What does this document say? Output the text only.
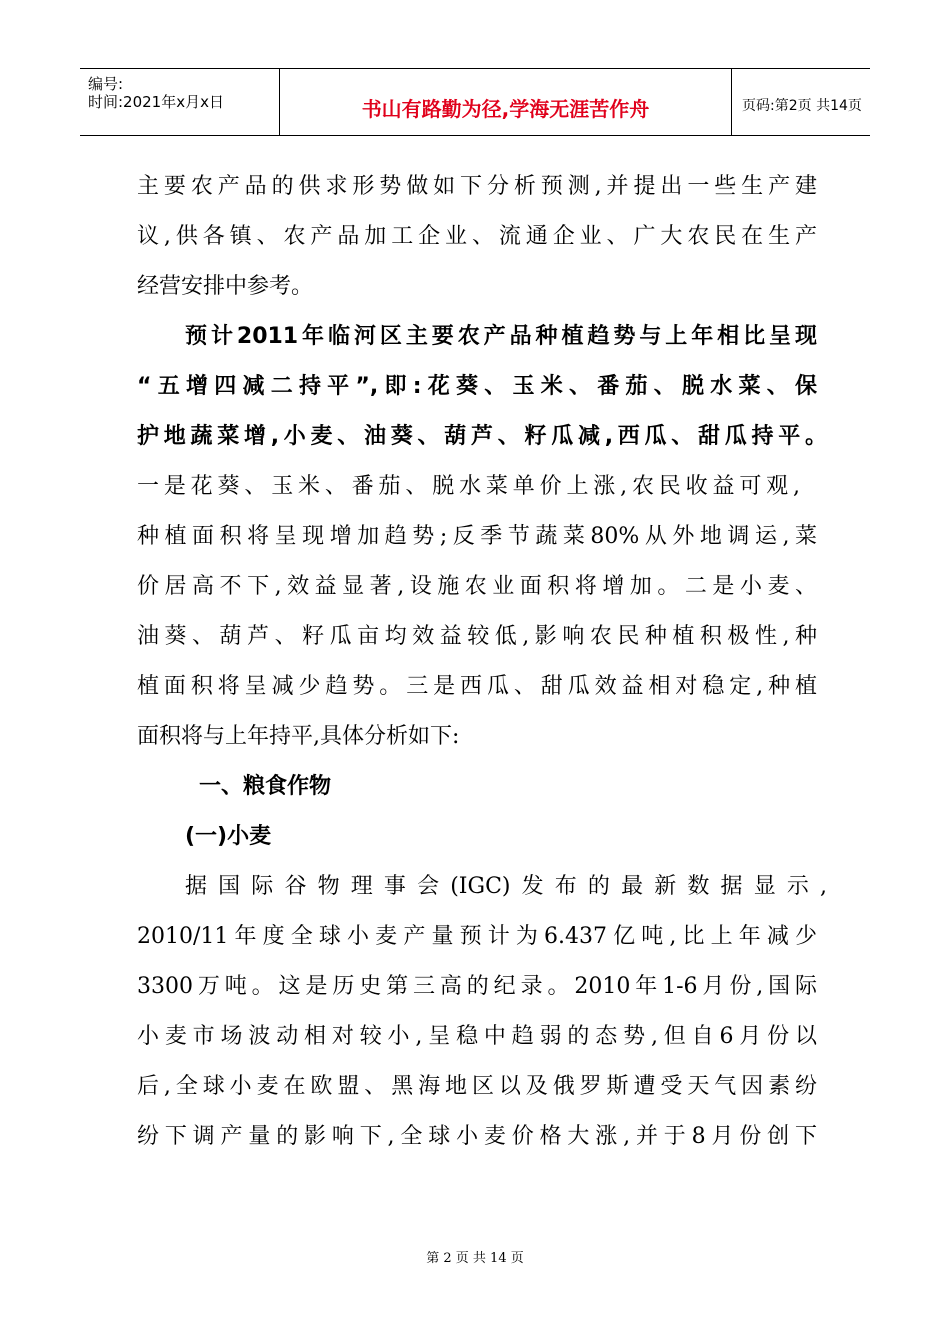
编号:
时间:2021年x月x日	书山有路勤为径,学海无涯苦作舟	页码:第2页 共14页
主要农产品的供求形势做如下分析预测,并提出一些生产建
议,供各镇、农产品加工企业、流通企业、广大农民在生产
经营安排中参考。
预计2011年临河区主要农产品种植趋势与上年相比呈现
“五增四减二持平”,即:花葵、玉米、番茄、脱水菜、保
护地蔬菜增,小麦、油葵、葫芦、籽瓜减,西瓜、甜瓜持平。
一是花葵、玉米、番茄、脱水菜单价上涨,农民收益可观,
种植面积将呈现增加趋势;反季节蔬菜80%从外地调运,菜
价居高不下,效益显著,设施农业面积将增加。二是小麦、
油葵、葫芦、籽瓜亩均效益较低,影响农民种植积极性,种
植面积将呈减少趋势。三是西瓜、甜瓜效益相对稳定,种植
面积将与上年持平,具体分析如下:
一、粮食作物
(一)小麦
据国际谷物理事会(IGC)发布的最新数据显示,
2010/11年度全球小麦产量预计为6.437亿吨,比上年减少
3300万吨。这是历史第三高的纪录。2010年1-6月份,国际
小麦市场波动相对较小,呈稳中趋弱的态势,但自6月份以
后,全球小麦在欧盟、黑海地区以及俄罗斯遭受天气因素纷
纷下调产量的影响下,全球小麦价格大涨,并于8月份创下
第 2 页 共 14 页
